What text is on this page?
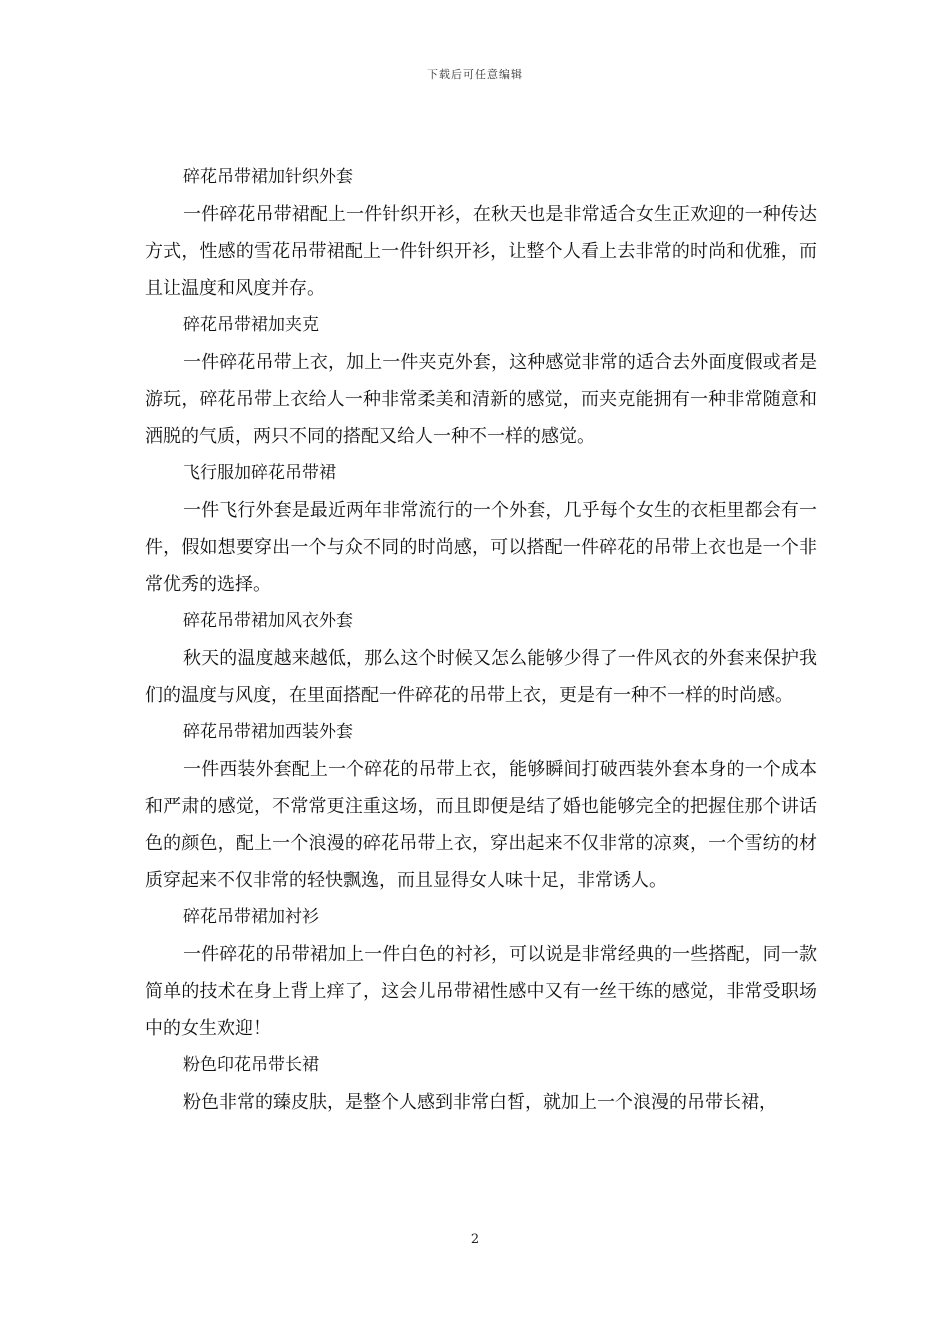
下载后可任意编辑
碎花吊带裙加针织外套

一件碎花吊带裙配上一件针织开衫，在秋天也是非常适合女生正欢迎的一种传达方式，性感的雪花吊带裙配上一件针织开衫，让整个人看上去非常的时尚和优雅，而且让温度和风度并存。

碎花吊带裙加夹克

一件碎花吊带上衣，加上一件夹克外套，这种感觉非常的适合去外面度假或者是游玩，碎花吊带上衣给人一种非常柔美和清新的感觉，而夹克能拥有一种非常随意和洒脱的气质，两只不同的搭配又给人一种不一样的感觉。

飞行服加碎花吊带裙

一件飞行外套是最近两年非常流行的一个外套，几乎每个女生的衣柜里都会有一件，假如想要穿出一个与众不同的时尚感，可以搭配一件碎花的吊带上衣也是一个非常优秀的选择。

碎花吊带裙加风衣外套

秋天的温度越来越低，那么这个时候又怎么能够少得了一件风衣的外套来保护我们的温度与风度，在里面搭配一件碎花的吊带上衣，更是有一种不一样的时尚感。

碎花吊带裙加西装外套

一件西装外套配上一个碎花的吊带上衣，能够瞬间打破西装外套本身的一个成本和严肃的感觉，不常常更注重这场，而且即便是结了婚也能够完全的把握住那个讲话色的颜色，配上一个浪漫的碎花吊带上衣，穿出起来不仅非常的凉爽，一个雪纺的材质穿起来不仅非常的轻快飘逸，而且显得女人味十足，非常诱人。

碎花吊带裙加衬衫

一件碎花的吊带裙加上一件白色的衬衫，可以说是非常经典的一些搭配，同一款简单的技术在身上背上痒了，这会儿吊带裙性感中又有一丝干练的感觉，非常受职场中的女生欢迎！

粉色印花吊带长裙

粉色非常的臻皮肤，是整个人感到非常白皙，就加上一个浪漫的吊带长裙，

2
